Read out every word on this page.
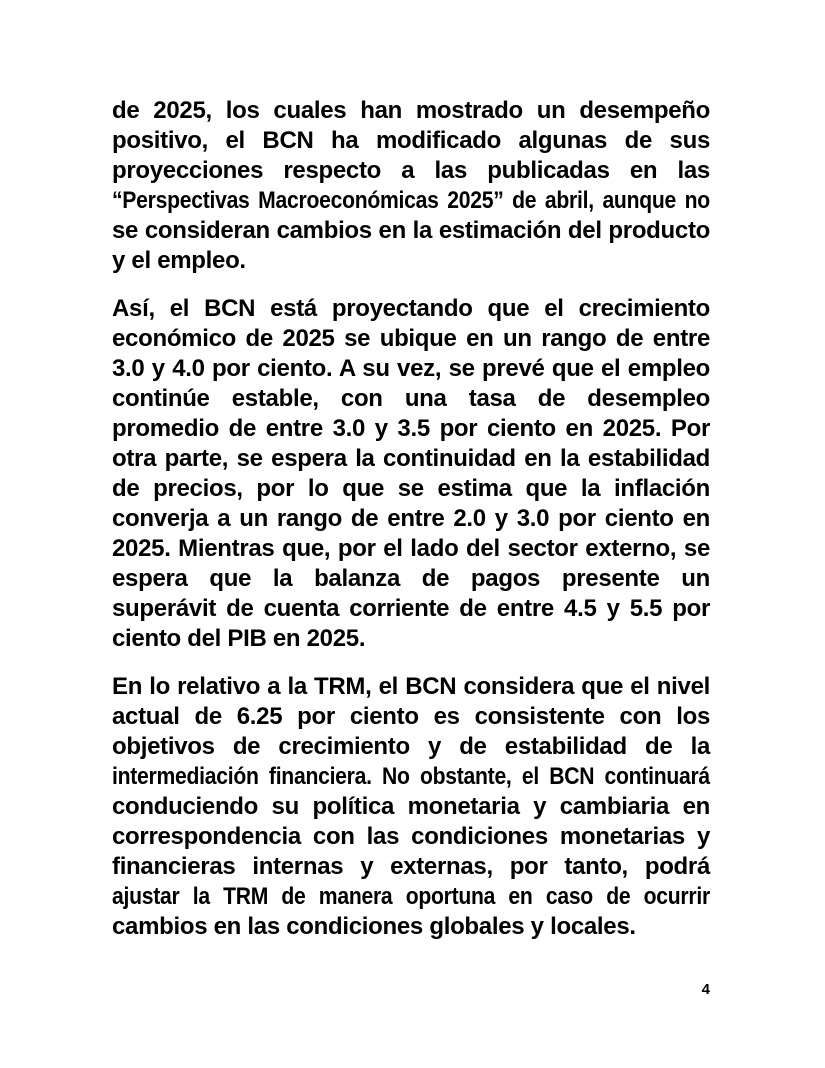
de 2025, los cuales han mostrado un desempeño
positivo, el BCN ha modificado algunas de sus
proyecciones respecto a las publicadas en las
“Perspectivas Macroeconómicas 2025” de abril, aunque no
se consideran cambios en la estimación del producto
y el empleo.
Así, el BCN está proyectando que el crecimiento
económico de 2025 se ubique en un rango de entre
3.0 y 4.0 por ciento. A su vez, se prevé que el empleo
continúe estable, con una tasa de desempleo
promedio de entre 3.0 y 3.5 por ciento en 2025. Por
otra parte, se espera la continuidad en la estabilidad
de precios, por lo que se estima que la inflación
converja a un rango de entre 2.0 y 3.0 por ciento en
2025. Mientras que, por el lado del sector externo, se
espera que la balanza de pagos presente un
superávit de cuenta corriente de entre 4.5 y 5.5 por
ciento del PIB en 2025.
En lo relativo a la TRM, el BCN considera que el nivel
actual de 6.25 por ciento es consistente con los
objetivos de crecimiento y de estabilidad de la
intermediación financiera. No obstante, el BCN continuará
conduciendo su política monetaria y cambiaria en
correspondencia con las condiciones monetarias y
financieras internas y externas, por tanto, podrá
ajustar la TRM de manera oportuna en caso de ocurrir
cambios en las condiciones globales y locales.
4
